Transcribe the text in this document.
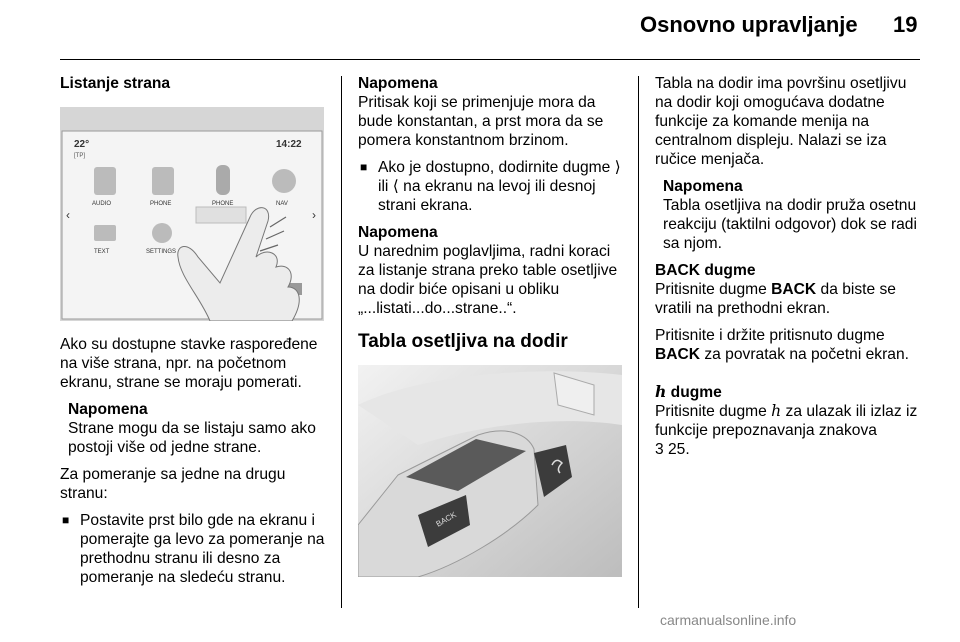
Osnovno upravljanje 19

Listanje strana

22°
[TP]
14:22
AUDIO	PHONE	PHONE	NAV
TEXT	SETTINGS
‹	›

Ako su dostupne stavke raspoređene na više strana, npr. na početnom ekranu, strane se moraju pomerati.

Napomena

Strane mogu da se listaju samo ako postoji više od jedne strane.

Za pomeranje sa jedne na drugu stranu:

■ Postavite prst bilo gde na ekranu i pomerajte ga levo za pomeranje na prethodnu stranu ili desno za pomeranje na sledeću stranu.
Napomena

Pritisak koji se primenjuje mora da bude konstantan, a prst mora da se pomera konstantnom brzinom.

■ Ako je dostupno, dodirnite dugme ⟩ ili ⟨ na ekranu na levoj ili desnoj strani ekrana.
Napomena

U narednim poglavljima, radni koraci za listanje strana preko table osetljive na dodir biće opisani u obliku „...listati...do...strane..“.

Tabla osetljiva na dodir
BACK

Tabla na dodir ima površinu osetljivu na dodir koji omogućava dodatne funkcije za komande menija na centralnom displeju. Nalazi se iza ručice menjača.

Napomena

Tabla osetljiva na dodir pruža osetnu reakciju (taktilni odgovor) dok se radi sa njom.

BACK dugme

Pritisnite dugme BACK da biste se vratili na prethodni ekran.

Pritisnite i držite pritisnuto dugme BACK za povratak na početni ekran.

h dugme

Pritisnite dugme h za ulazak ili izlaz iz funkcije prepoznavanja znakova
3 25.

carmanualsonline.info
